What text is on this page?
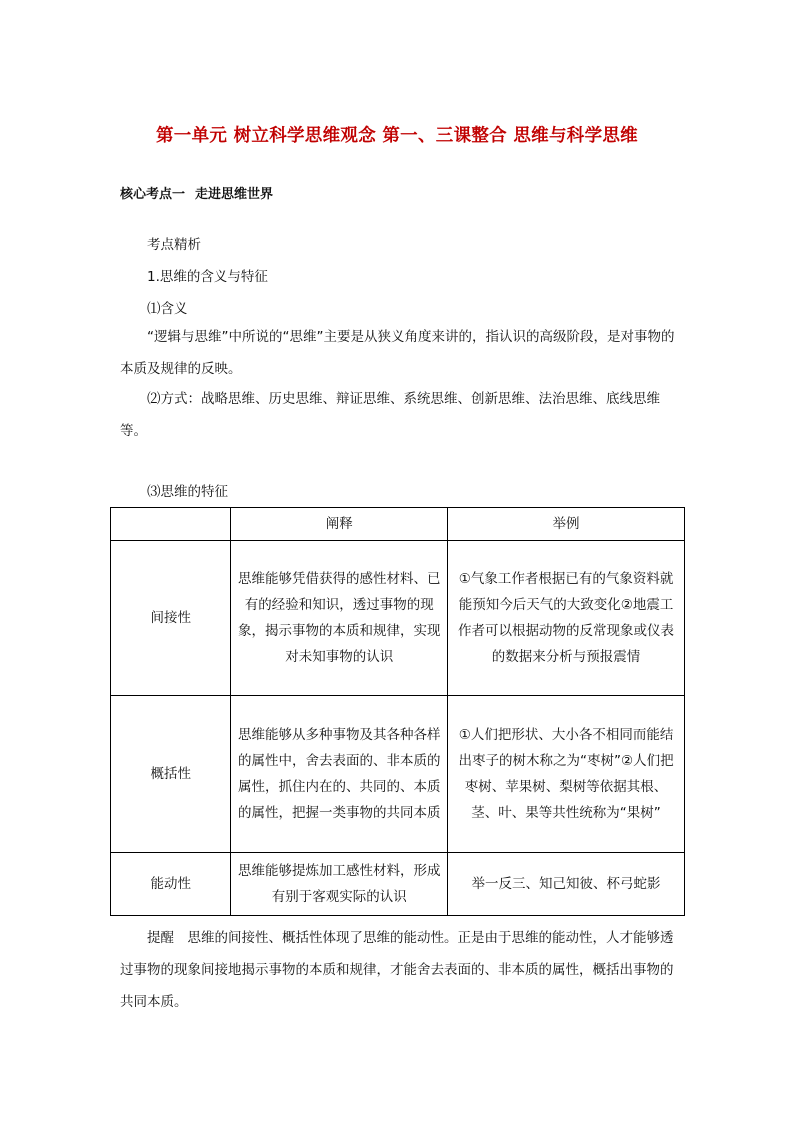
第一单元 树立科学思维观念 第一、三课整合 思维与科学思维
核心考点一 走进思维世界
考点精析
1.思维的含义与特征
⑴含义
“逻辑与思维”中所说的“思维”主要是从狭义角度来讲的，指认识的高级阶段，是对事物的本质及规律的反映。
⑵方式：战略思维、历史思维、辩证思维、系统思维、创新思维、法治思维、底线思维等。
⑶思维的特征
	阐释	举例
间接性	思维能够凭借获得的感性材料、已有的经验和知识，透过事物的现象，揭示事物的本质和规律，实现对未知事物的认识	①气象工作者根据已有的气象资料就能预知今后天气的大致变化②地震工作者可以根据动物的反常现象或仪表的数据来分析与预报震情
概括性	思维能够从多种事物及其各种各样的属性中，舍去表面的、非本质的属性，抓住内在的、共同的、本质的属性，把握一类事物的共同本质	①人们把形状、大小各不相同而能结出枣子的树木称之为“枣树”②人们把枣树、苹果树、梨树等依据其根、茎、叶、果等共性统称为“果树”
能动性	思维能够提炼加工感性材料，形成有别于客观实际的认识	举一反三、知己知彼、杯弓蛇影
提醒　思维的间接性、概括性体现了思维的能动性。正是由于思维的能动性，人才能够透过事物的现象间接地揭示事物的本质和规律，才能舍去表面的、非本质的属性，概括出事物的共同本质。
